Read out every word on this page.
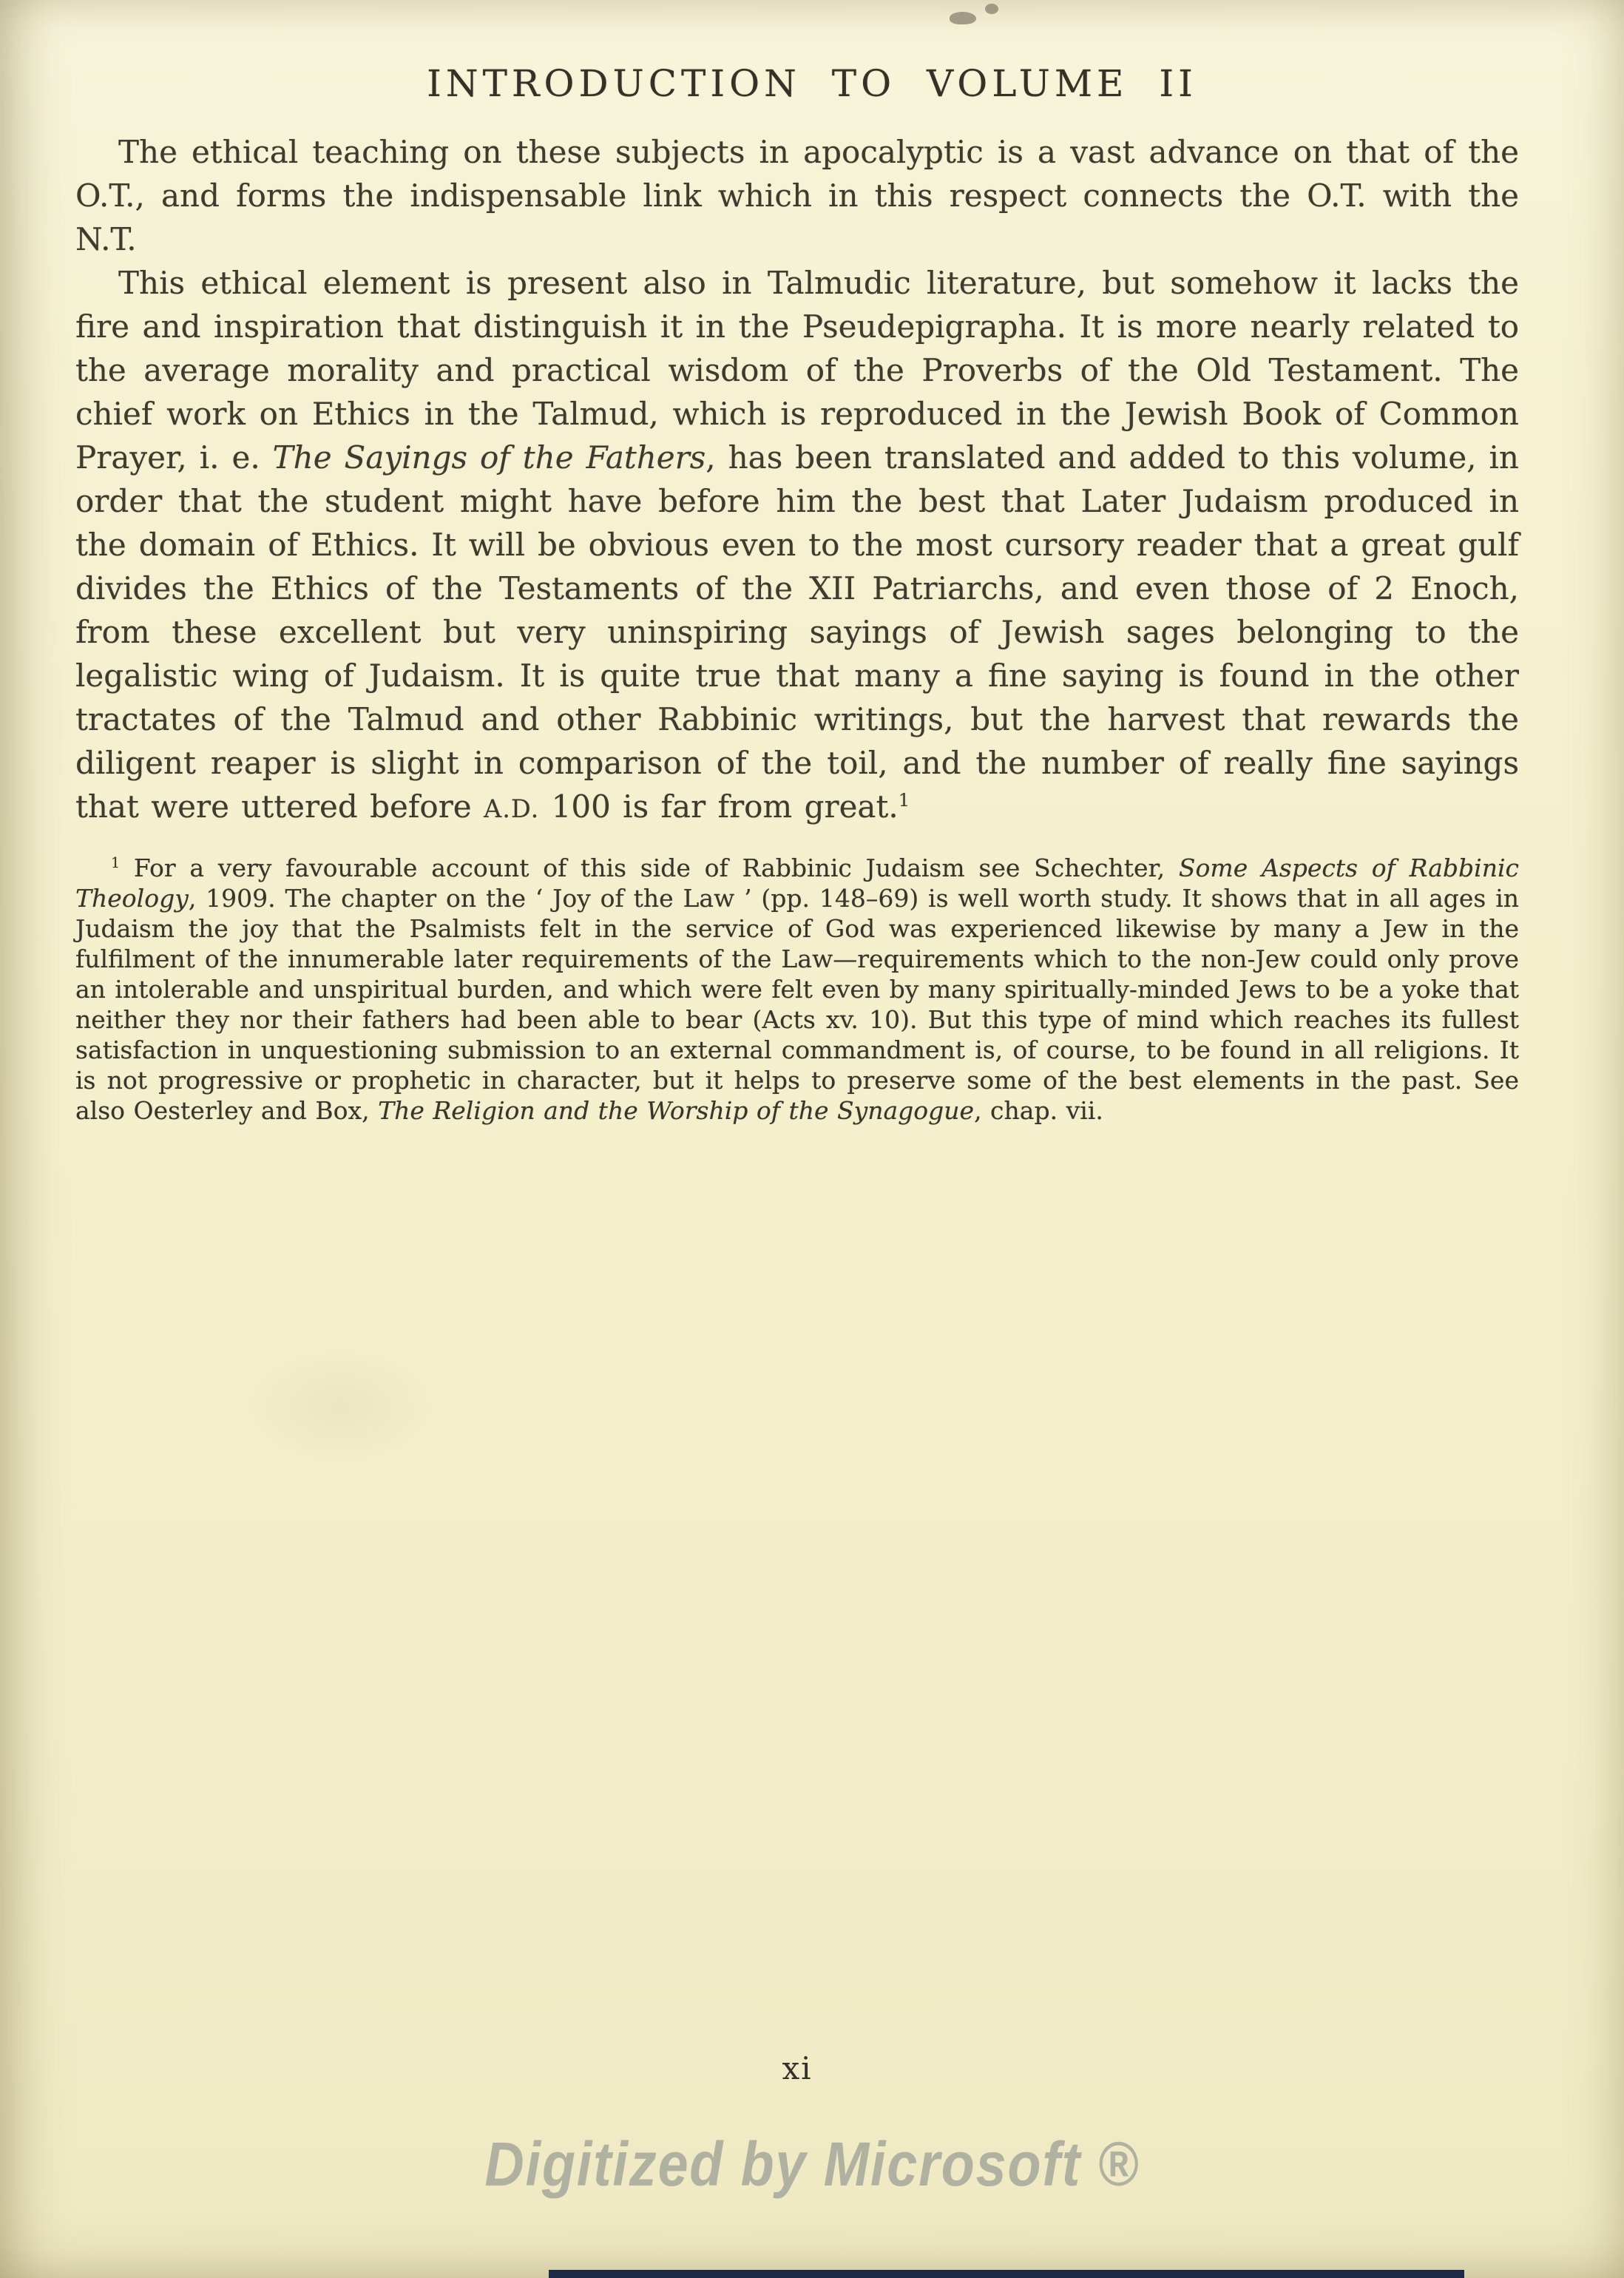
INTRODUCTION TO VOLUME II

The ethical teaching on these subjects in apocalyptic is a vast advance on that of the O.T., and forms the indispensable link which in this respect connects the O.T. with the N.T.

This ethical element is present also in Talmudic literature, but somehow it lacks the fire and inspiration that distinguish it in the Pseudepigrapha. It is more nearly related to the average morality and practical wisdom of the Proverbs of the Old Testament. The chief work on Ethics in the Talmud, which is reproduced in the Jewish Book of Common Prayer, i. e. The Sayings of the Fathers, has been translated and added to this volume, in order that the student might have before him the best that Later Judaism produced in the domain of Ethics. It will be obvious even to the most cursory reader that a great gulf divides the Ethics of the Testaments of the XII Patriarchs, and even those of 2 Enoch, from these excellent but very uninspiring sayings of Jewish sages belonging to the legalistic wing of Judaism. It is quite true that many a fine saying is found in the other tractates of the Talmud and other Rabbinic writings, but the harvest that rewards the diligent reaper is slight in comparison of the toil, and the number of really fine sayings that were uttered before A.D. 100 is far from great.$^1$

$^1$ For a very favourable account of this side of Rabbinic Judaism see Schechter, Some Aspects of Rabbinic Theology, 1909. The chapter on the ‘ Joy of the Law ’ (pp. 148–69) is well worth study. It shows that in all ages in Judaism the joy that the Psalmists felt in the service of God was experienced likewise by many a Jew in the fulfilment of the innumerable later requirements of the Law—requirements which to the non-Jew could only prove an intolerable and unspiritual burden, and which were felt even by many spiritually-minded Jews to be a yoke that neither they nor their fathers had been able to bear (Acts xv. 10). But this type of mind which reaches its fullest satisfaction in unquestioning submission to an external commandment is, of course, to be found in all religions. It is not progressive or prophetic in character, but it helps to preserve some of the best elements in the past. See also Oesterley and Box, The Religion and the Worship of the Synagogue, chap. vii.

xi
Digitized by Microsoft ®
